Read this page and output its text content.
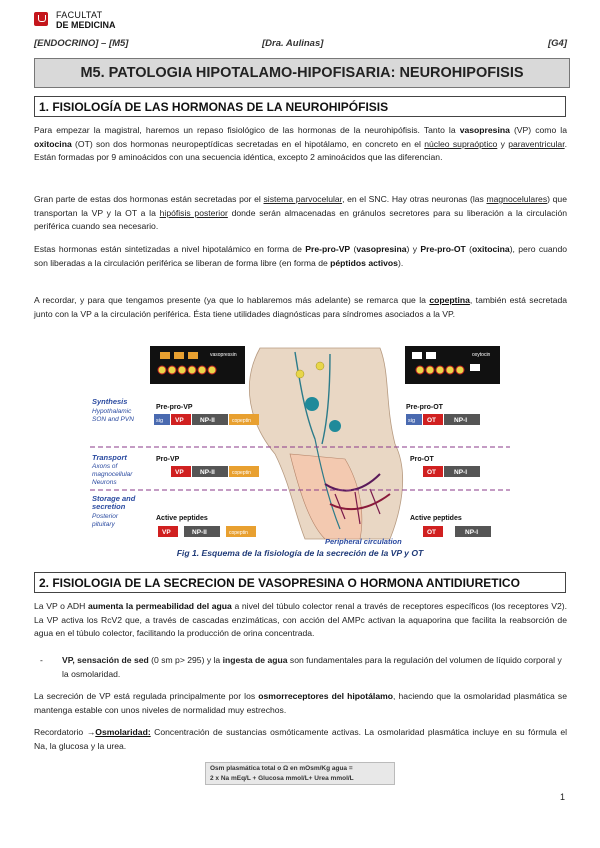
FACULTAT
DE MEDICINA
[ENDOCRINO] – [M5]	[Dra. Aulinas]	[G4]
M5. PATOLOGIA HIPOTALAMO-HIPOFISARIA: NEUROHIPOFISIS
1. FISIOLOGÍA DE LAS HORMONAS DE LA NEUROHIPÓFISIS
Para empezar la magistral, haremos un repaso fisiológico de las hormonas de la neurohipófisis. Tanto la vasopresina (VP) como la oxitocina (OT) son dos hormonas neuropeptídicas secretadas en el hipotálamo, en concreto en el núcleo supraóptico y paraventricular. Están formadas por 9 aminoácidos con una secuencia idéntica, excepto 2 aminoácidos que las diferencian.
Gran parte de estas dos hormonas están secretadas por el sistema parvocelular, en el SNC. Hay otras neuronas (las magnocelulares) que transportan la VP y la OT a la hipófisis posterior donde serán almacenadas en gránulos secretores para su liberación a la circulación periférica cuando sea necesario.
Estas hormonas están sintetizadas a nivel hipotalámico en forma de Pre-pro-VP (vasopresina) y Pre-pro-OT (oxitocina), pero cuando son liberadas a la circulación periférica se liberan de forma libre (en forma de péptidos activos).
A recordar, y para que tengamos presente (ya que lo hablaremos más adelante) se remarca que la copeptina, también está secretada junto con la VP a la circulación periférica. Ésta tiene utilidades diagnósticas para síndromes asociados a la VP.
Peripheral circulation
vasopressin	oxytocin
Synthesis
Hypothalamic
SON and PVN
Transport
Axons of
magnocellular
Neurons
Storage and
secretion
Posterior
pituitary
Pre-pro-VP
sig VP	NP-II	copeptin
Pro-VP
VP	NP-II	copeptin
Active peptides
VP	NP-II	copeptin
Pre-pro-OT
sig OT	NP-I
Pro-OT
OT	NP-I
Active peptides
OT	NP-I
Fig 1. Esquema de la fisiología de la secreción de la VP y OT
2. FISIOLOGIA DE LA SECRECION DE VASOPRESINA O HORMONA ANTIDIURETICO
La VP o ADH aumenta la permeabilidad del agua a nivel del túbulo colector renal a través de receptores específicos (los receptores V2). La VP activa los RcV2 que, a través de cascadas enzimáticas, con acción del AMPc activan la aquaporina que facilita la reabsorción de agua en el túbulo colector, facilitando la producción de orina concentrada.
- VP, sensación de sed (0 sm p> 295) y la ingesta de agua son fundamentales para la regulación del volumen de líquido corporal y la osmolaridad.
La secreción de VP está regulada principalmente por los osmorreceptores del hipotálamo, haciendo que la osmolaridad plasmática se mantenga estable con unos niveles de normalidad muy estrechos.
Recordatorio →Osmolaridad: Concentración de sustancias osmóticamente activas. La osmolaridad plasmática incluye en su fórmula el Na, la glucosa y la urea.
Osm plasmática total o Ω en mOsm/Kg agua =
2 x Na mEq/L + Glucosa mmol/L+ Urea mmol/L
1
